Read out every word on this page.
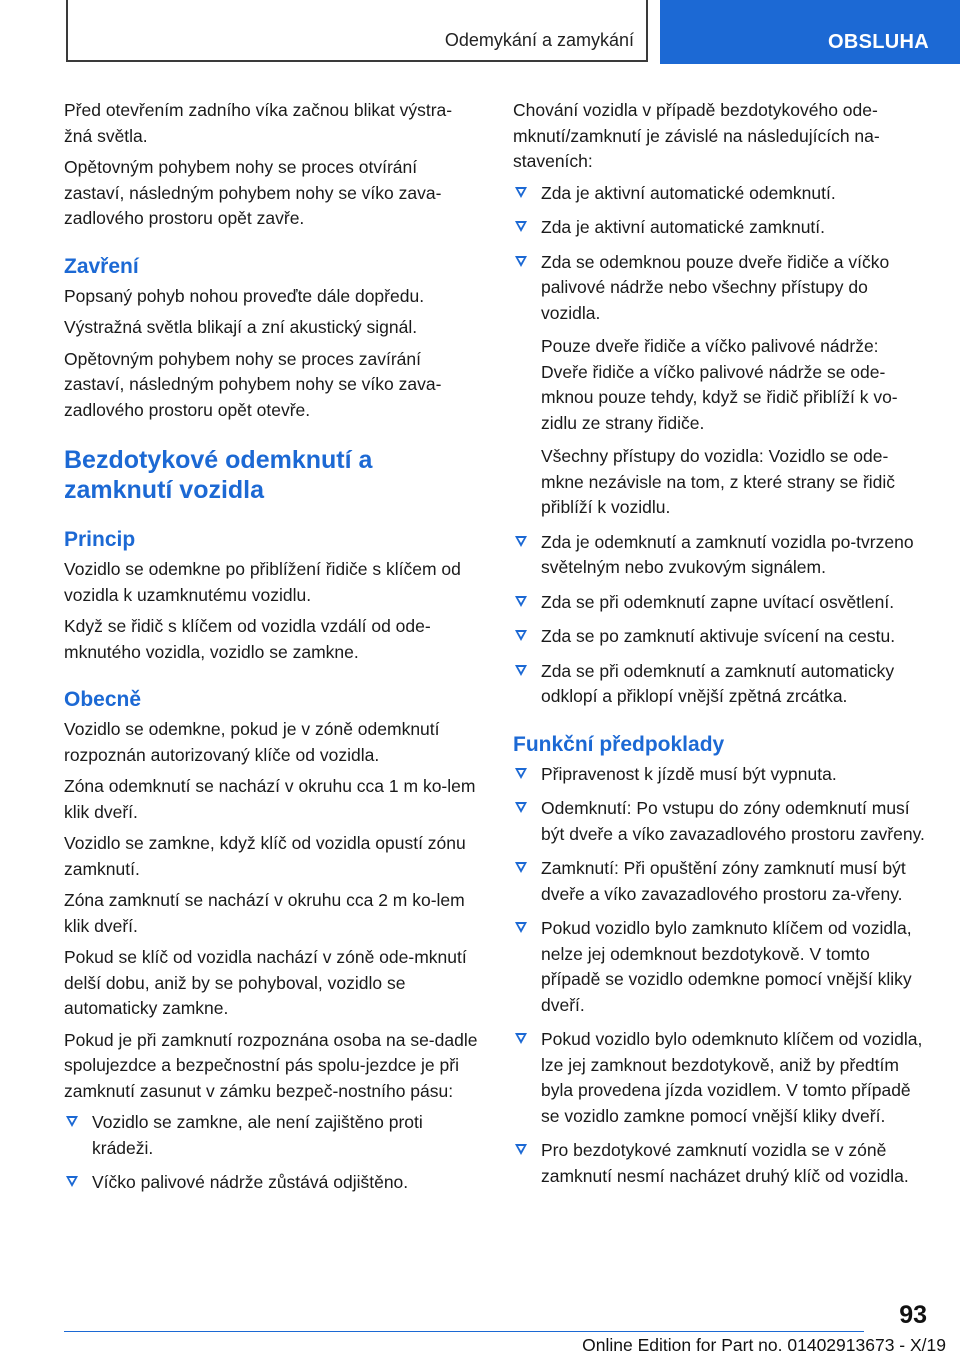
Odemykání a zamykání	OBSLUHA

Před otevřením zadního víka začnou blikat výstra‐žná světla.

Opětovným pohybem nohy se proces otvírání zastaví, následným pohybem nohy se víko zava‐zadlového prostoru opět zavře.

Zavření

Popsaný pohyb nohou proveďte dále dopředu.

Výstražná světla blikají a zní akustický signál.

Opětovným pohybem nohy se proces zavírání zastaví, následným pohybem nohy se víko zava‐zadlového prostoru opět otevře.

Bezdotykové odemknutí a zamknutí vozidla
Princip

Vozidlo se odemkne po přiblížení řidiče s klíčem od vozidla k uzamknutému vozidlu.

Když se řidič s klíčem od vozidla vzdálí od ode‐mknutého vozidla, vozidlo se zamkne.

Obecně

Vozidlo se odemkne, pokud je v zóně odemknutí rozpoznán autorizovaný klíče od vozidla.

Zóna odemknutí se nachází v okruhu cca 1 m ko‐lem klik dveří.

Vozidlo se zamkne, když klíč od vozidla opustí zónu zamknutí.

Zóna zamknutí se nachází v okruhu cca 2 m ko‐lem klik dveří.

Pokud se klíč od vozidla nachází v zóně ode‐mknutí delší dobu, aniž by se pohyboval, vozidlo se automaticky zamkne.

Pokud je při zamknutí rozpoznána osoba na se‐dadle spolujezdce a bezpečnostní pás spolu‐jezdce je při zamknutí zasunut v zámku bezpeč‐nostního pásu:

Vozidlo se zamkne, ale není zajištěno proti krádeži.
Víčko palivové nádrže zůstává odjištěno.

Chování vozidla v případě bezdotykového ode‐mknutí/zamknutí je závislé na následujících na‐staveních:

Zda je aktivní automatické odemknutí.
Zda je aktivní automatické zamknutí.
Zda se odemknou pouze dveře řidiče a víčko palivové nádrže nebo všechny přístupy do vozidla.

Pouze dveře řidiče a víčko palivové nádrže: Dveře řidiče a víčko palivové nádrže se ode‐mknou pouze tehdy, když se řidič přiblíží k vo‐zidlu ze strany řidiče.

Všechny přístupy do vozidla: Vozidlo se ode‐mkne nezávisle na tom, z které strany se řidič přiblíží k vozidlu.

Zda je odemknutí a zamknutí vozidla po‐tvrzeno světelným nebo zvukovým signálem.
Zda se při odemknutí zapne uvítací osvětlení.
Zda se po zamknutí aktivuje svícení na cestu.
Zda se při odemknutí a zamknutí automaticky odklopí a přiklopí vnější zpětná zrcátka.
Funkční předpoklady
Připravenost k jízdě musí být vypnuta.
Odemknutí: Po vstupu do zóny odemknutí musí být dveře a víko zavazadlového prostoru zavřeny.
Zamknutí: Při opuštění zóny zamknutí musí být dveře a víko zavazadlového prostoru za‐vřeny.
Pokud vozidlo bylo zamknuto klíčem od vozidla, nelze jej odemknout bezdotykově. V tomto případě se vozidlo odemkne pomocí vnější kliky dveří.
Pokud vozidlo bylo odemknuto klíčem od vozidla, lze jej zamknout bezdotykově, aniž by předtím byla provedena jízda vozidlem. V tomto případě se vozidlo zamkne pomocí vnější kliky dveří.
Pro bezdotykové zamknutí vozidla se v zóně zamknutí nesmí nacházet druhý klíč od vozidla.
93
Online Edition for Part no. 01402913673 - X/19
